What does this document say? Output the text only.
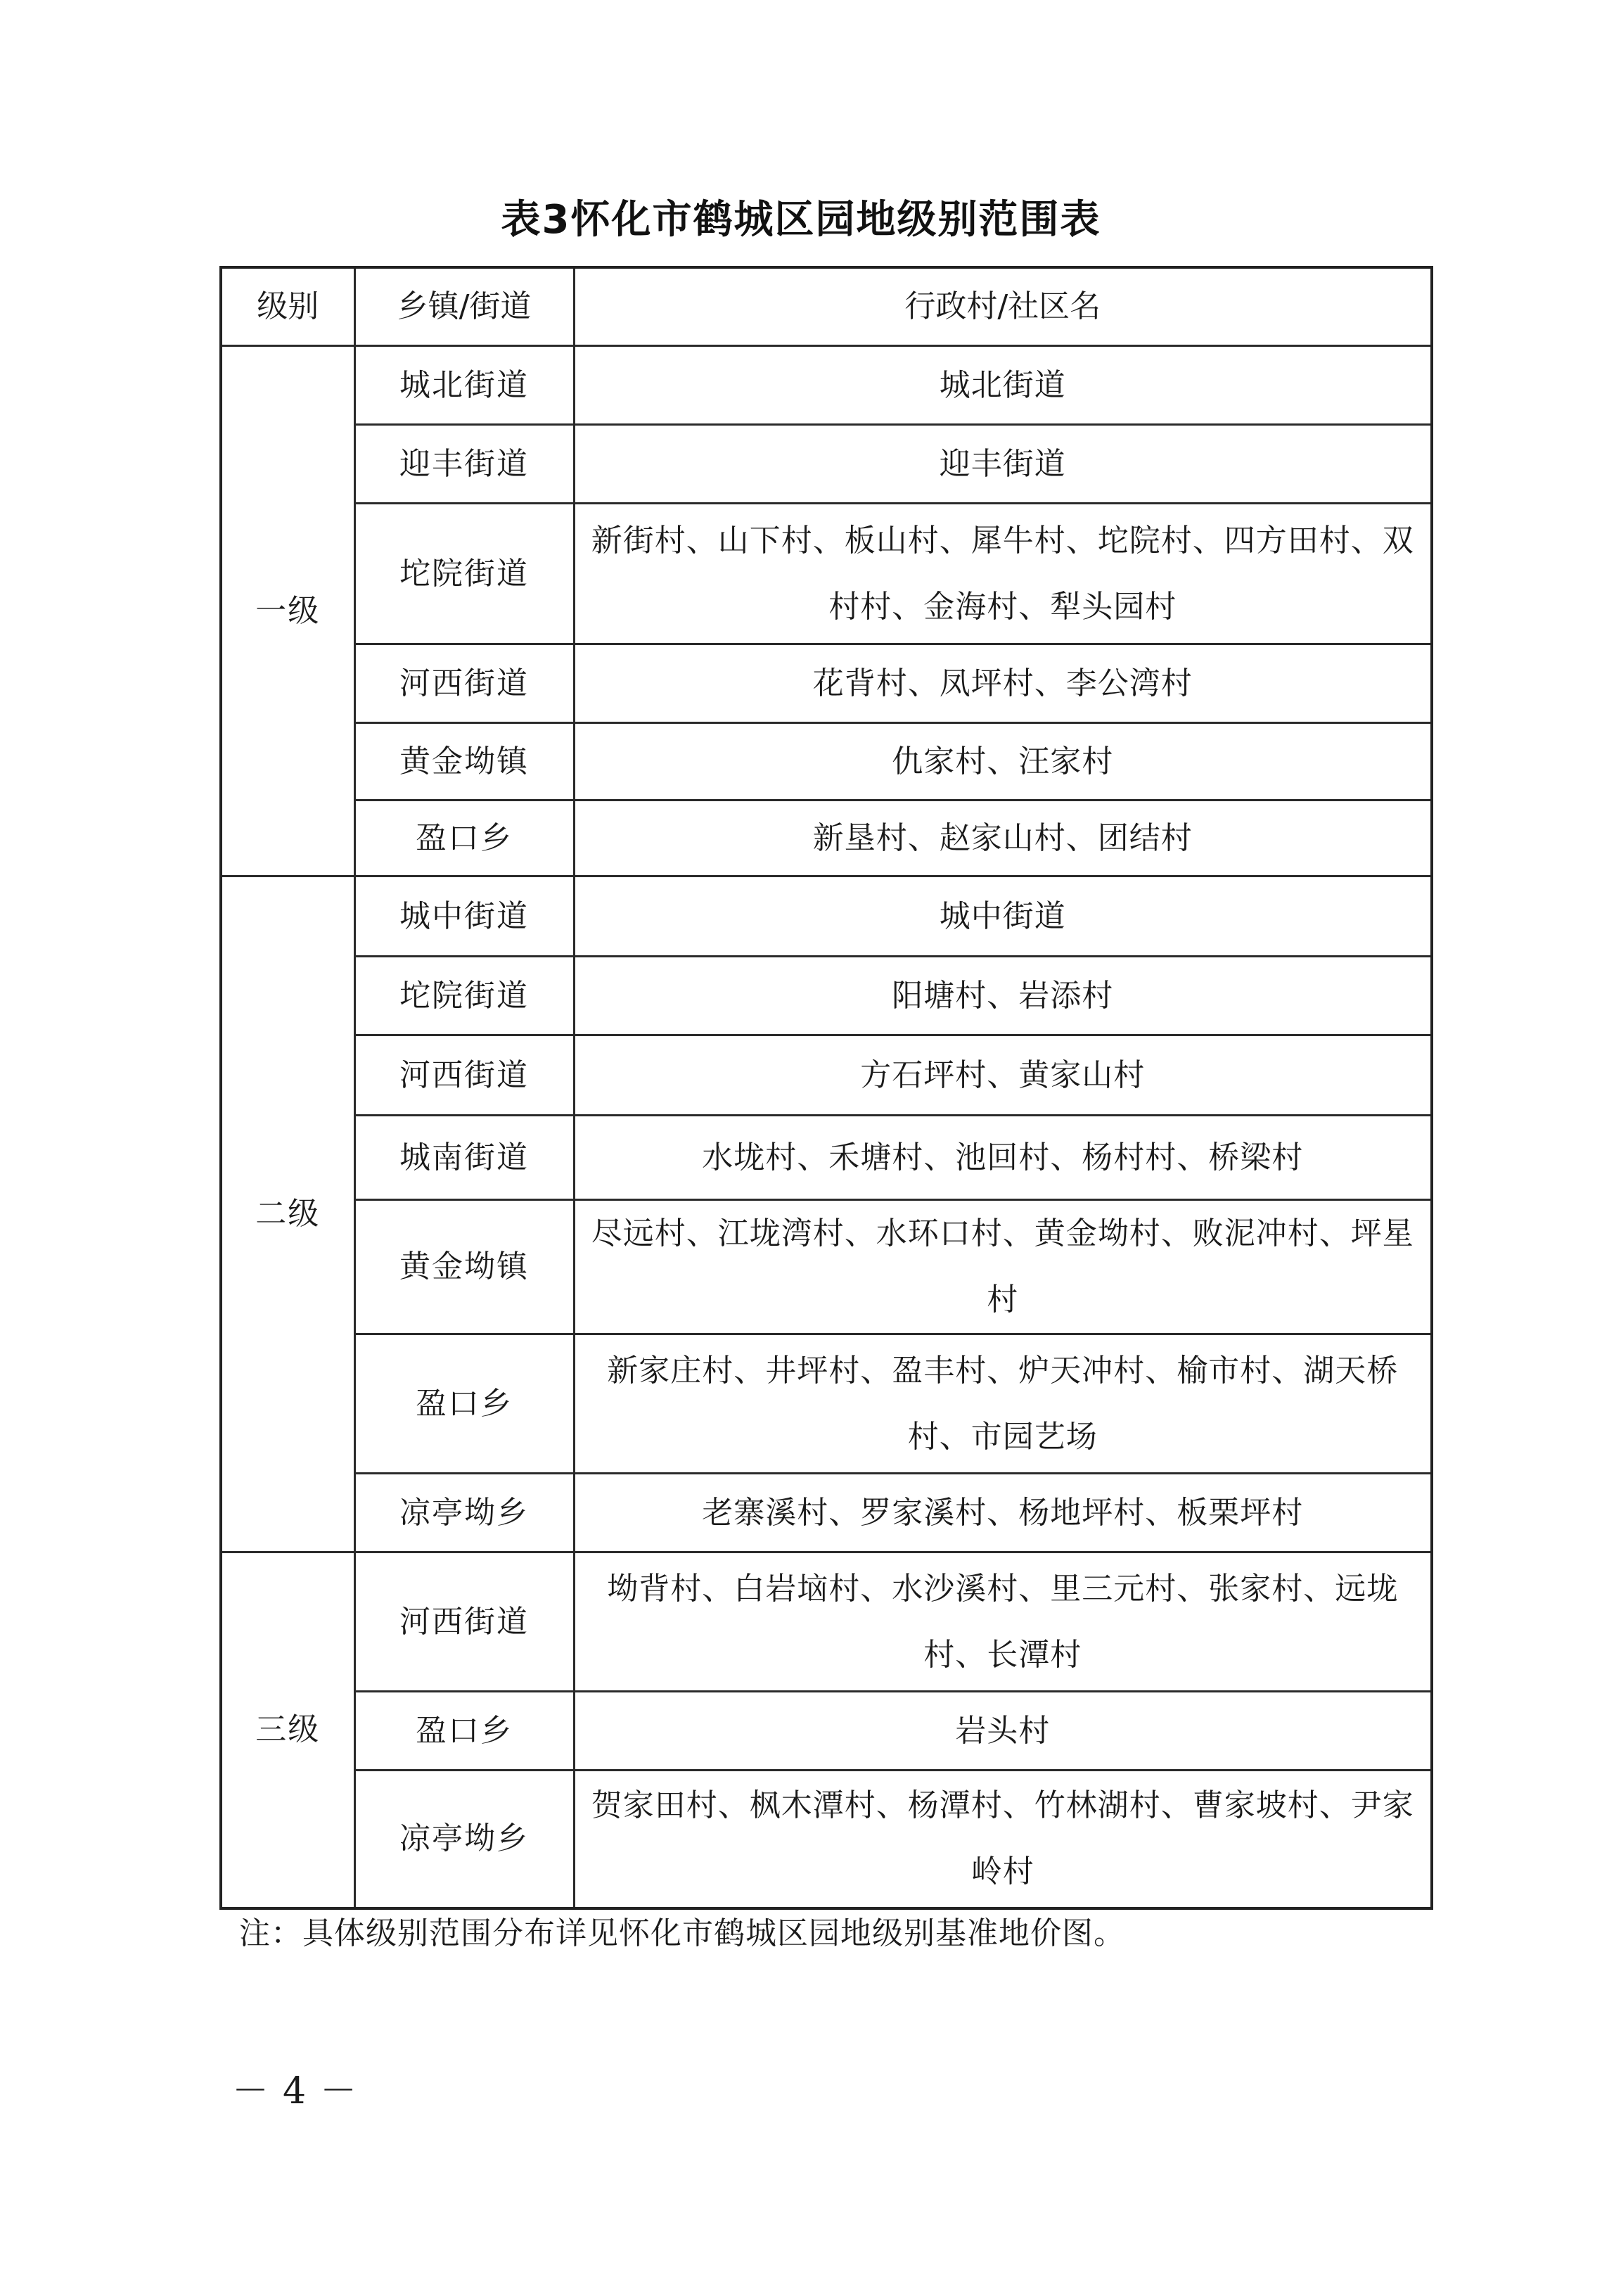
表3怀化市鹤城区园地级别范围表
级别	乡镇/街道	行政村/社区名
一级	城北街道	城北街道
	迎丰街道	迎丰街道
	坨院街道	新街村、山下村、板山村、犀牛村、坨院村、四方田村、双村村、金海村、犁头园村
	河西街道	花背村、凤坪村、李公湾村
	黄金坳镇	仇家村、汪家村
	盈口乡	新垦村、赵家山村、团结村
二级	城中街道	城中街道
	坨院街道	阳塘村、岩添村
	河西街道	方石坪村、黄家山村
	城南街道	水垅村、禾塘村、池回村、杨村村、桥梁村
	黄金坳镇	尽远村、江垅湾村、水环口村、黄金坳村、败泥冲村、坪星村
	盈口乡	新家庄村、井坪村、盈丰村、炉天冲村、榆市村、湖天桥村、市园艺场
	凉亭坳乡	老寨溪村、罗家溪村、杨地坪村、板栗坪村
三级	河西街道	坳背村、白岩垴村、水沙溪村、里三元村、张家村、远垅村、长潭村
	盈口乡	岩头村
	凉亭坳乡	贺家田村、枫木潭村、杨潭村、竹林湖村、曹家坡村、尹家岭村
注：具体级别范围分布详见怀化市鹤城区园地级别基准地价图。
－4－
